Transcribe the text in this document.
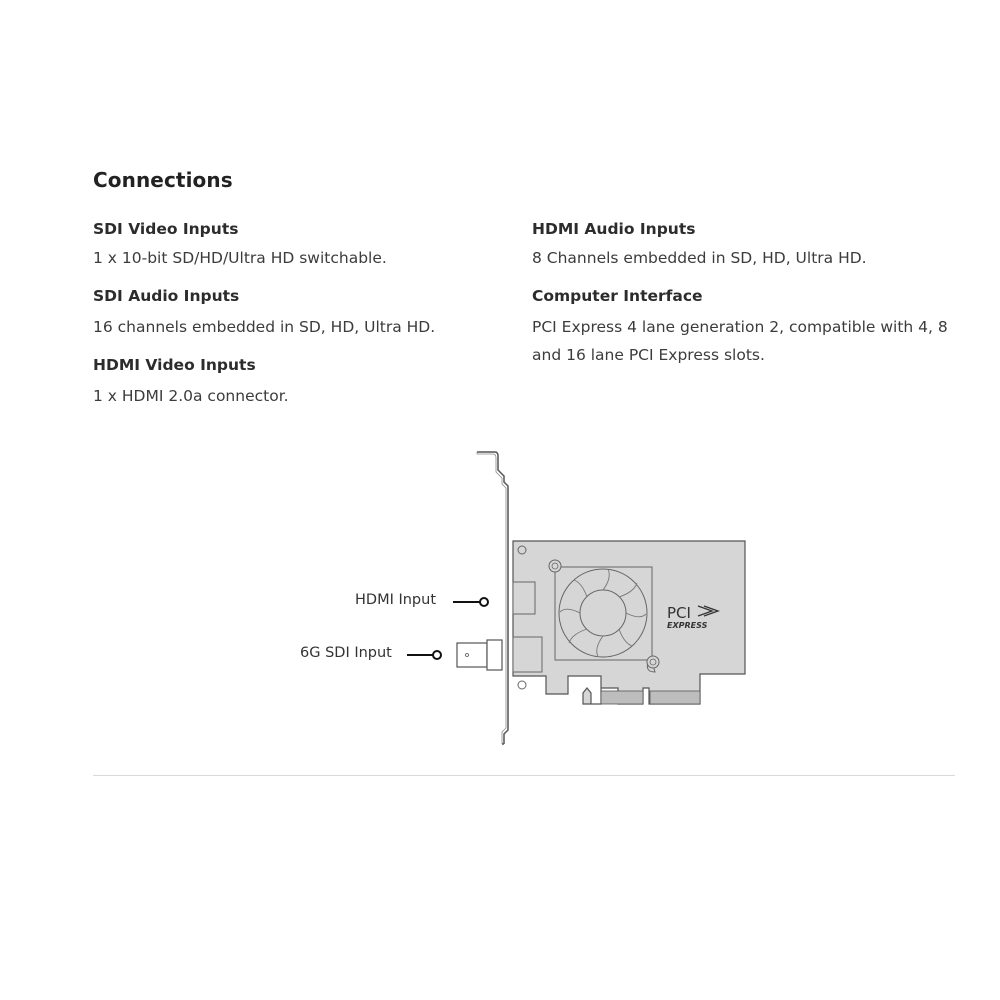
Connections
SDI Video Inputs

1 x 10-bit SD/HD/Ultra HD switchable.

SDI Audio Inputs

16 channels embedded in SD, HD, Ultra HD.

HDMI Video Inputs

1 x HDMI 2.0a connector.

HDMI Audio Inputs

8 Channels embedded in SD, HD, Ultra HD.

Computer Interface

PCI Express 4 lane generation 2, compatible with 4, 8 and 16 lane PCI Express slots.

PCI
EXPRESS
HDMI Input
6G SDI Input
